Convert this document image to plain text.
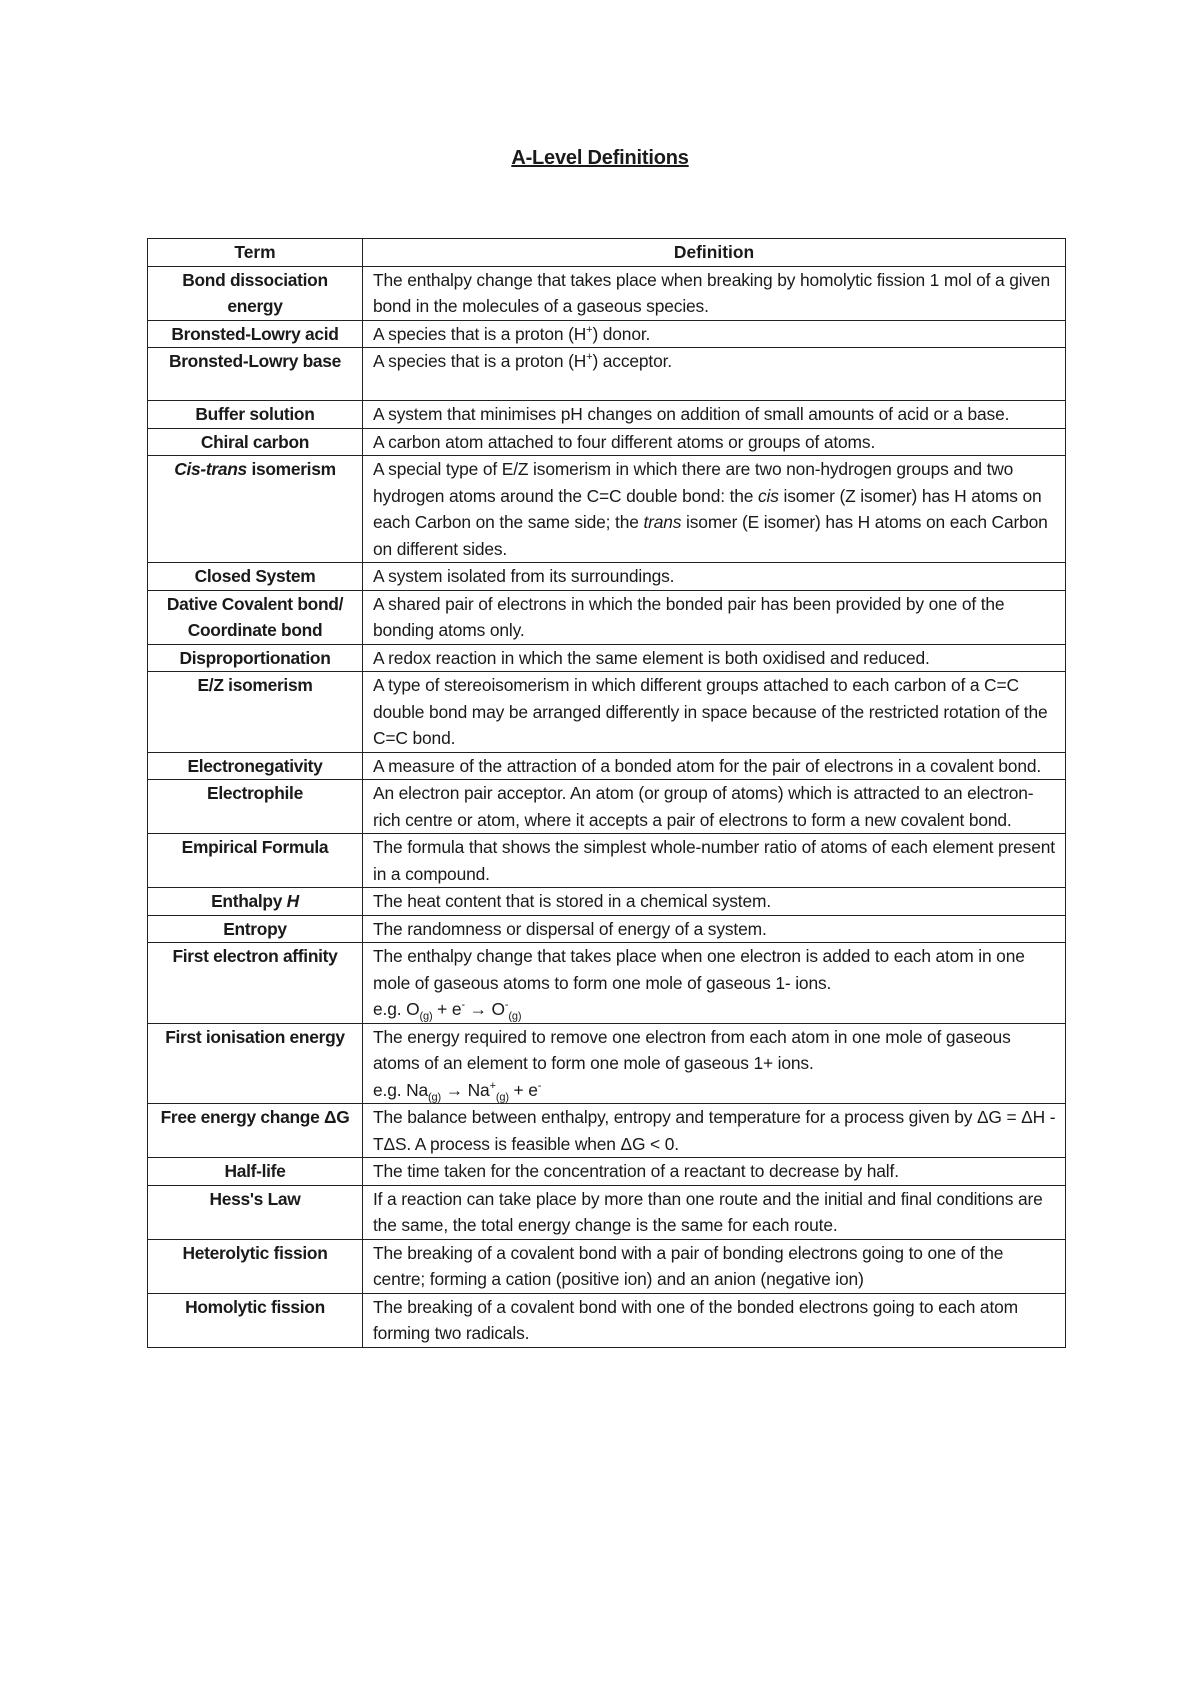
A-Level Definitions
Term	Definition
Bond dissociation energy	The enthalpy change that takes place when breaking by homolytic fission 1 mol of a given bond in the molecules of a gaseous species.
Bronsted-Lowry acid	A species that is a proton (H+) donor.
Bronsted-Lowry base	A species that is a proton (H+) acceptor.
Buffer solution	A system that minimises pH changes on addition of small amounts of acid or a base.
Chiral carbon	A carbon atom attached to four different atoms or groups of atoms.
Cis-trans isomerism	A special type of E/Z isomerism in which there are two non-hydrogen groups and two hydrogen atoms around the C=C double bond: the cis isomer (Z isomer) has H atoms on each Carbon on the same side; the trans isomer (E isomer) has H atoms on each Carbon on different sides.
Closed System	A system isolated from its surroundings.
Dative Covalent bond/ Coordinate bond	A shared pair of electrons in which the bonded pair has been provided by one of the bonding atoms only.
Disproportionation	A redox reaction in which the same element is both oxidised and reduced.
E/Z isomerism	A type of stereoisomerism in which different groups attached to each carbon of a C=C double bond may be arranged differently in space because of the restricted rotation of the C=C bond.
Electronegativity	A measure of the attraction of a bonded atom for the pair of electrons in a covalent bond.
Electrophile	An electron pair acceptor. An atom (or group of atoms) which is attracted to an electron-rich centre or atom, where it accepts a pair of electrons to form a new covalent bond.
Empirical Formula	The formula that shows the simplest whole-number ratio of atoms of each element present in a compound.
Enthalpy H	The heat content that is stored in a chemical system.
Entropy	The randomness or dispersal of energy of a system.
First electron affinity	The enthalpy change that takes place when one electron is added to each atom in one mole of gaseous atoms to form one mole of gaseous 1- ions.
e.g. $O_{(g)} + e^- \to O^-_{(g)}$
First ionisation energy	The energy required to remove one electron from each atom in one mole of gaseous atoms of an element to form one mole of gaseous 1+ ions.
e.g. $Na_{(g)} \to Na^+_{(g)} + e^-$
Free energy change ΔG	The balance between enthalpy, entropy and temperature for a process given by ΔG = ΔH - TΔS. A process is feasible when ΔG < 0.
Half-life	The time taken for the concentration of a reactant to decrease by half.
Hess's Law	If a reaction can take place by more than one route and the initial and final conditions are the same, the total energy change is the same for each route.
Heterolytic fission	The breaking of a covalent bond with a pair of bonding electrons going to one of the centre; forming a cation (positive ion) and an anion (negative ion)
Homolytic fission	The breaking of a covalent bond with one of the bonded electrons going to each atom forming two radicals.
